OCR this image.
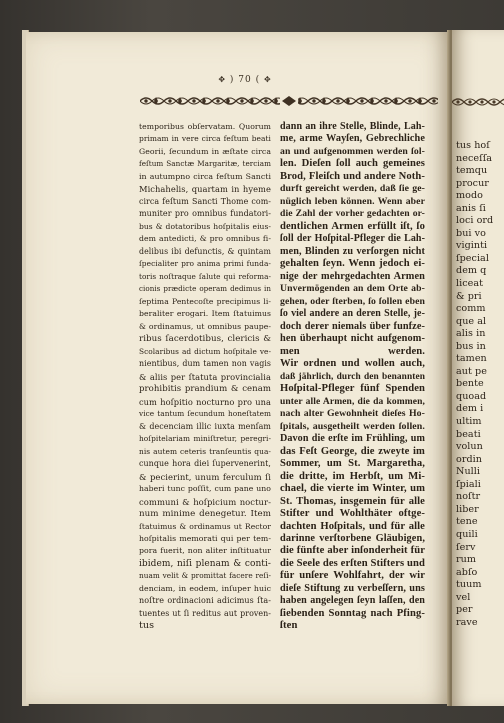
tus hoſ
neceſſa
temqu
procur
modo
anis ſi
loci ord
bui vo
viginti
ſpecial
dem q
liceat
& pri
comm
que al
alis in
bus in
tamen
aut pe
bente
quoad
dem i
ultim
beati
volun
ordin
Nulli
ſpiali
noſtr
liber
tene
quili
ſerv
rum
abſo
tuum
vel
per
rave
✥ ) 70 ( ✥
temporibus obſervatam. Quorum
primam in vere circa feſtum beati
Georii, ſecundum in æſtate circa
feſtum Sanctæ Margaritæ, terciam
in autumpno circa feſtum Sancti
Michahelis, quartam in hyeme
circa feſtum Sancti Thome com-
muniter pro omnibus fundatori-
bus & dotatoribus hoſpitalis eius-
dem antedicti, & pro omnibus fi-
delibus ibi defunctis, & quintam
ſpecialiter pro anima primi funda-
toris noſtraque ſalute qui reforma-
cionis prædicte operam dedimus in
ſeptima Pentecoſte precipimus li-
beraliter erogari. Item ſtatuimus
& ordinamus, ut omnibus paupe-
ribus ſacerdotibus, clericis &
Scolaribus ad dictum hoſpitale ve-
nientibus, dum tamen non vagis
& aliis per ſtatuta provincialia
prohibitis prandium & cenam
cum hoſpitio nocturno pro una
vice tantum ſecundum honeſtatem
& decenciam illic iuxta menſam
hoſpitelariam miniſtretur, peregri-
nis autem ceteris tranſeuntis qua-
cunque hora diei ſupervenerint,
& pecierint, unum ferculum ſi
haberi tunc poſſit, cum pane uno
communi & hoſpicium noctur-
num minime denegetur. Item
ſtatuimus & ordinamus ut Rector
hoſpitalis memorati qui per tem-
pora fuerit, non aliter inſtituatur
ibidem, niſi plenam & conti-
nuam velit & promittat facere reſi-
denciam, in eodem, inſuper huic
noſtre ordinacioni adicimus ſta-
tuentes ut ſi reditus aut proven-
tus
dann an ihre Stelle, Blinde, Lah-
me, arme Wayſen, Gebrechliche
an und aufgenommen werden ſol-
len. Dieſen ſoll auch gemeines
Brod, Fleiſch und andere Noth-
durft gereicht werden, daß ſie ge-
nüglich leben können. Wenn aber
die Zahl der vorher gedachten or-
dentlichen Armen erfüllt iſt, ſo
ſoll der Hoſpital-Pfleger die Lah-
men, Blinden zu verſorgen nicht
gehalten ſeyn. Wenn jedoch ei-
nige der mehrgedachten Armen
Unvermögenden an dem Orte ab-
gehen, oder ſterben, ſo ſollen eben
ſo viel andere an deren Stelle, je-
doch derer niemals über funfze-
hen überhaupt nicht aufgenom-
men werden.
Wir ordnen und wollen auch,
daß jährlich, durch den benannten
Hoſpital-Pfleger fünf Spenden
unter alle Armen, die da kommen,
nach alter Gewohnheit dieſes Ho-
ſpitals, ausgetheilt werden ſollen.
Davon die erſte im Frühling, um
das Feſt George, die zweyte im
Sommer, um St. Margaretha,
die dritte, im Herbſt, um Mi-
chael, die vierte im Winter, um
St. Thomas, insgemein für alle
Stifter und Wohlthäter oftge-
dachten Hoſpitals, und für alle
darinne verſtorbene Gläubigen,
die fünfte aber inſonderheit für
die Seele des erſten Stifters und
für unſere Wohlfahrt, der wir
dieſe Stiftung zu verbeſſern, uns
haben angelegen ſeyn laſſen, den
ſiebenden Sonntag nach Pfing-
ſten
